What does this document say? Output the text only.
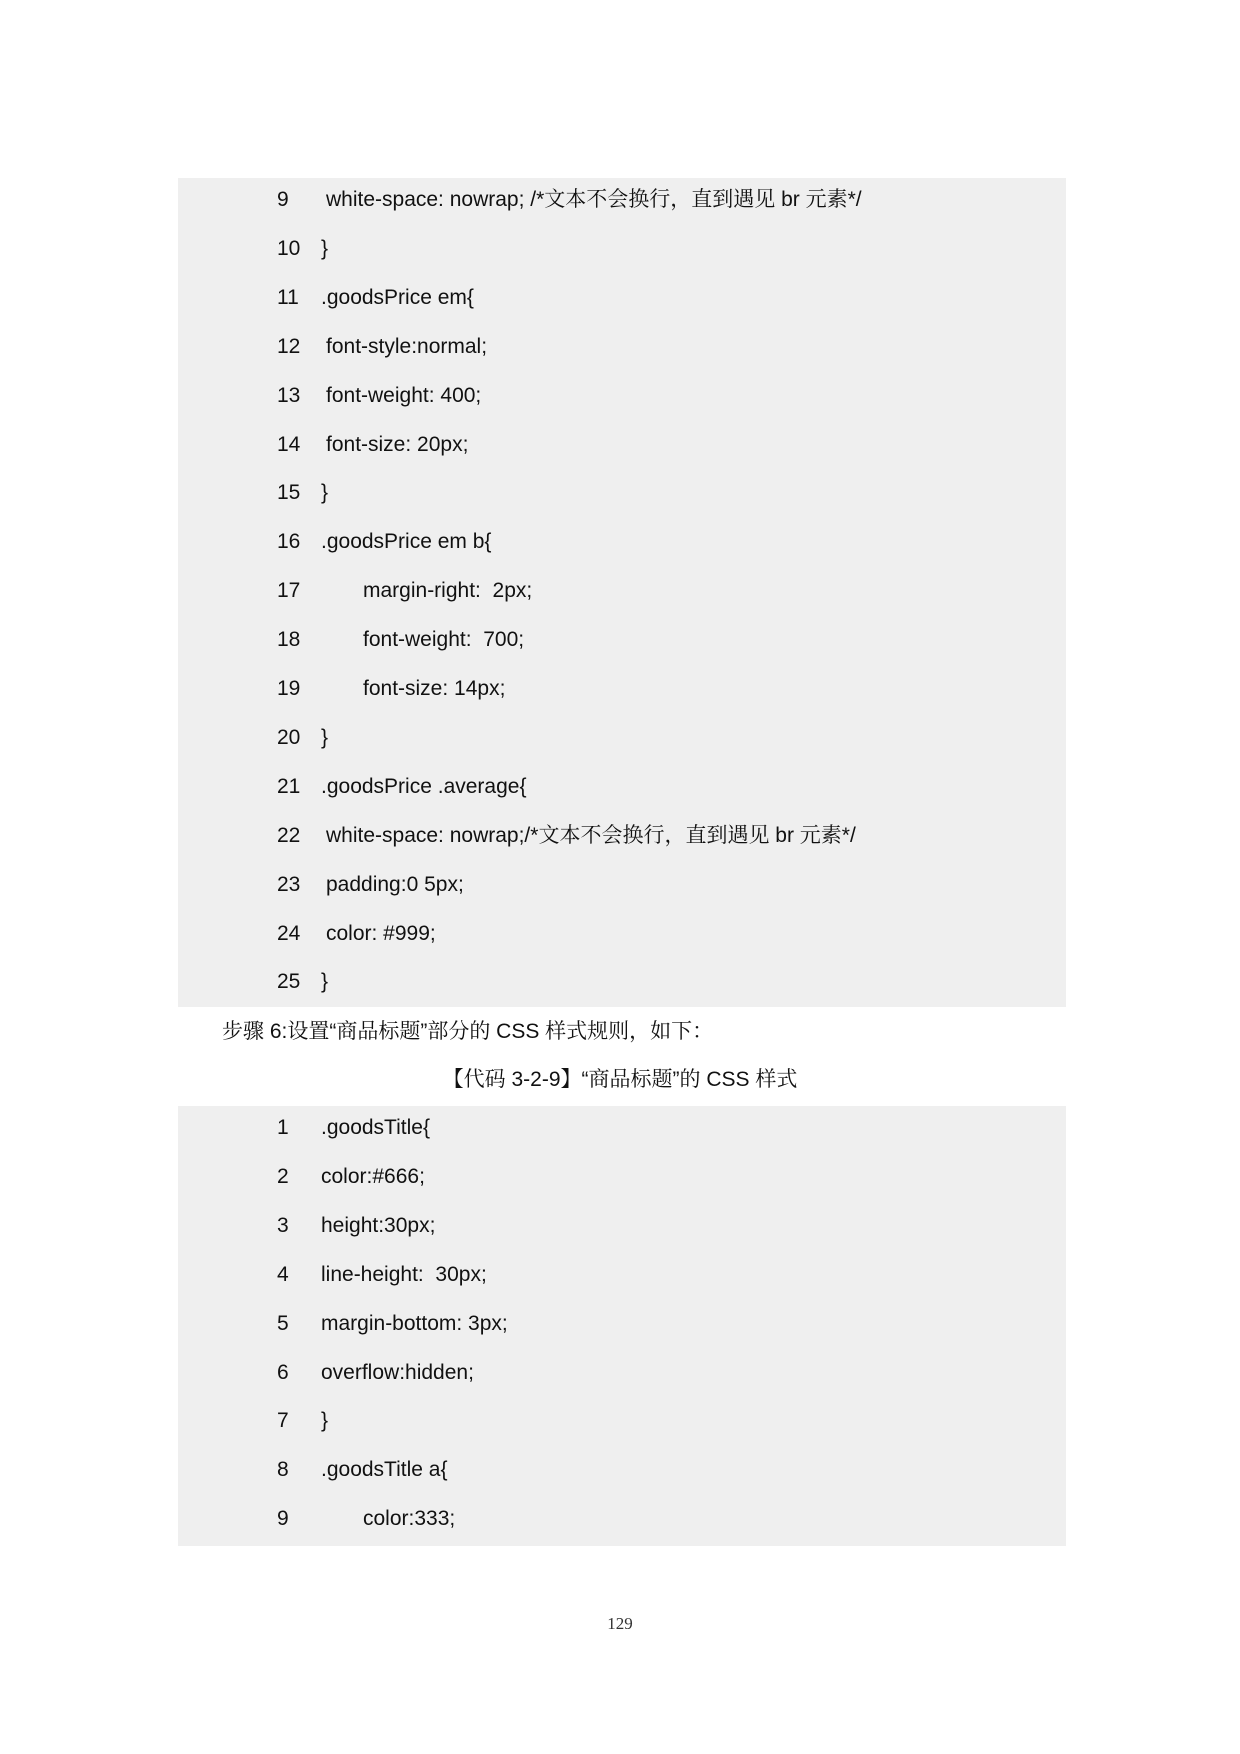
9 white-space: nowrap; /*文本不会换行，直到遇见 br 元素*/
10 }
11 .goodsPrice em{
12 font-style:normal;
13 font-weight: 400;
14 font-size: 20px;
15 }
16 .goodsPrice em b{
17	margin-right:  2px;
18	font-weight:  700;
19	font-size: 14px;
20 }
21 .goodsPrice .average{
22 white-space: nowrap;/*文本不会换行，直到遇见 br 元素*/
23 padding:0 5px;
24 color: #999;
25 }
步骤 6:设置“商品标题”部分的 CSS 样式规则，如下：
【代码 3-2-9】“商品标题”的 CSS 样式
1 .goodsTitle{
2 color:#666;
3 height:30px;
4 line-height:  30px;
5 margin-bottom: 3px;
6 overflow:hidden;
7 }
8 .goodsTitle a{
9	color:333;
129
